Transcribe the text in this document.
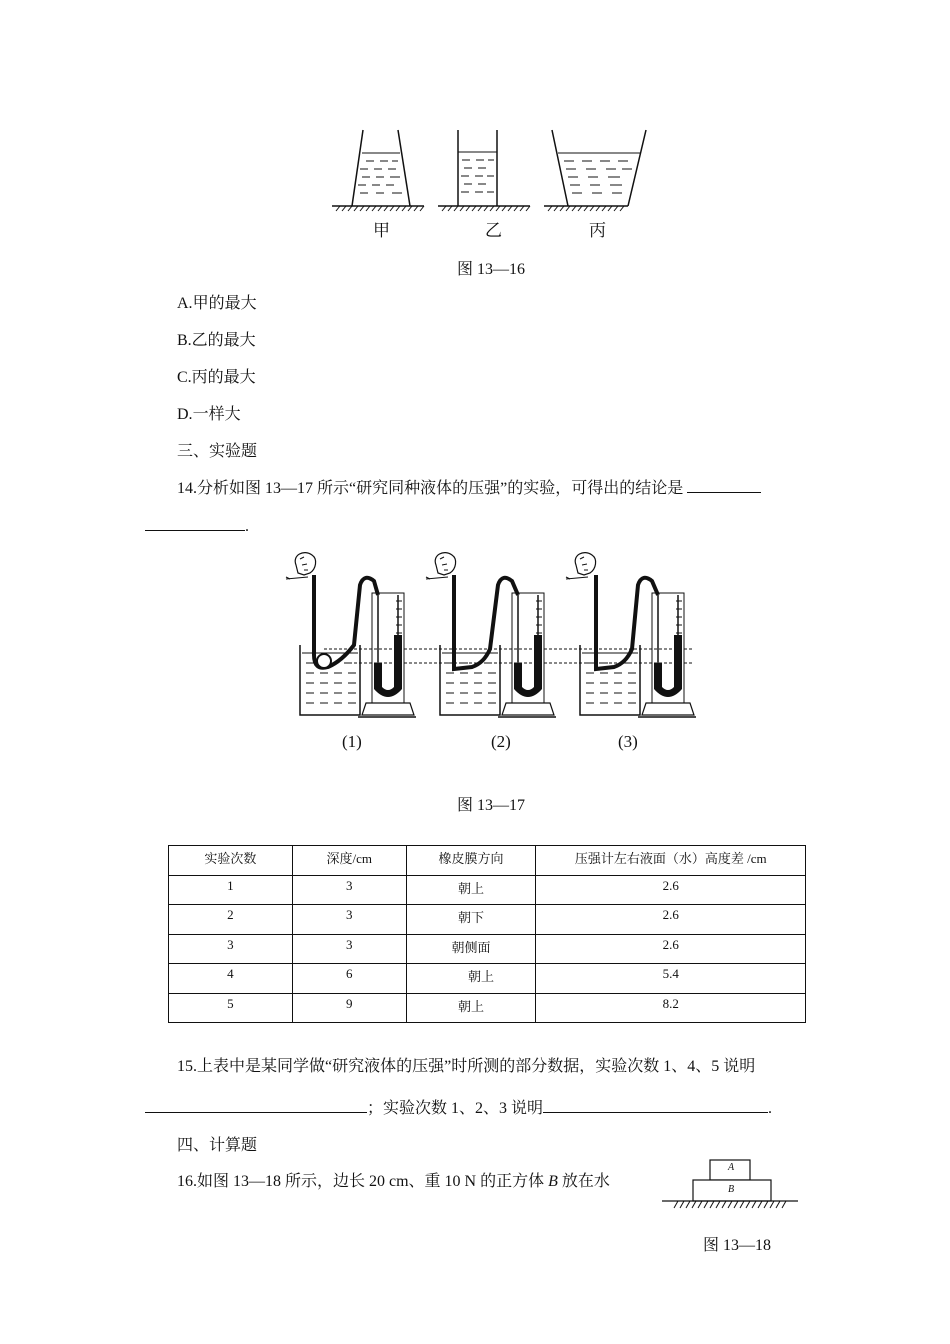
甲	乙	丙
图 13—16
A.甲的最大
B.乙的最大
C.丙的最大
D.一样大
三、实验题
14.分析如图 13—17 所示“研究同种液体的压强”的实验，可得出的结论是
.
(1)	(2)	(3)
图 13—17
实验次数	深度/cm	橡皮膜方向	压强计左右液面（水）高度差 /cm
1	3	朝上	2.6
2	3	朝下	2.6
3	3	朝侧面	2.6
4	6	朝上	5.4
5	9	朝上	8.2
15.上表中是某同学做“研究液体的压强”时所测的部分数据，实验次数 1、4、5 说明
；实验次数 1、2、3 说明	.
四、计算题
16.如图 13—18 所示，边长 20 cm、重 10 N 的正方体 B 放在水
A
B
图 13—18
